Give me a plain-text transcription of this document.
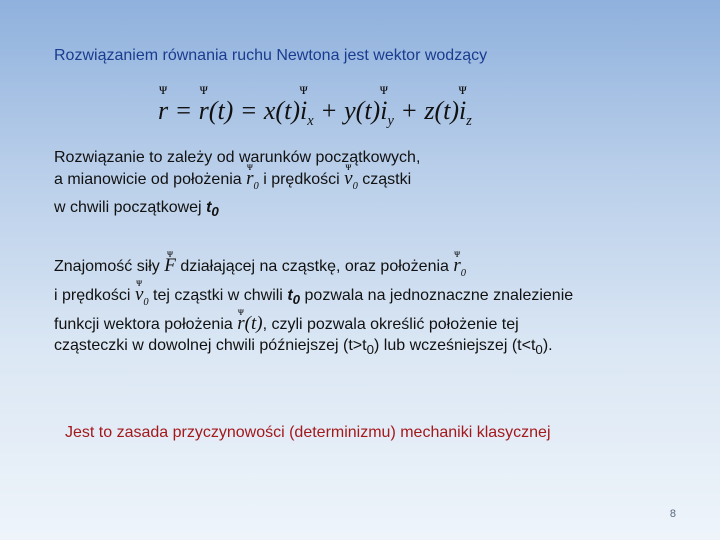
Rozwiązaniem równania ruchu Newtona jest wektor wodzący
ᴪ r = ᴪ r(t) = x(t)ᴪ $i_x$ + y(t)ᴪ $i_y$ + z(t)ᴪ $i_z$
Rozwiązanie to zależy od warunków początkowych,
a mianowicie od położenia ᴪ $r_0$ i prędkości ᴪ $v_0$ cząstki
w chwili początkowej $t_0$
Znajomość siły ᴪ F działającej na cząstkę, oraz położenia ᴪ $r_0$
i prędkości ᴪ $v_0$ tej cząstki w chwili $t_0$ pozwala na jednoznaczne znalezienie
funkcji wektora położenia ᴪ r(t), czyli pozwala określić położenie tej
cząsteczki w dowolnej chwili późniejszej $(t>t_0)$ lub wcześniejszej $(t<t_0)$.
Jest to zasada przyczynowości (determinizmu) mechaniki klasycznej
8
